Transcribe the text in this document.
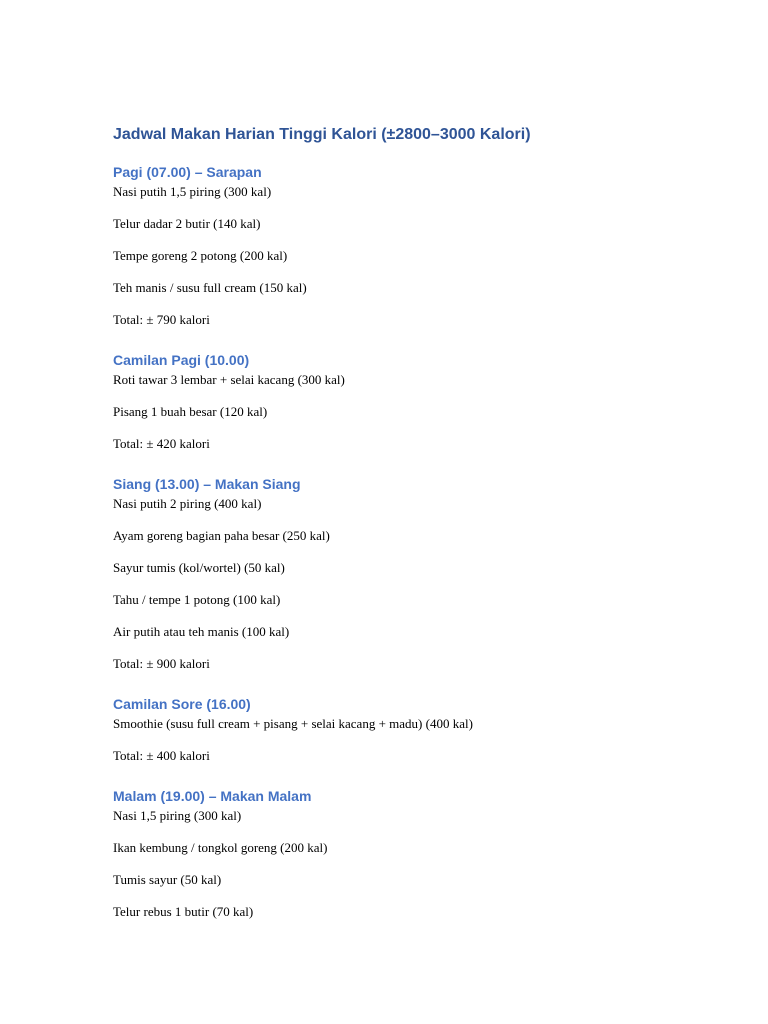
Jadwal Makan Harian Tinggi Kalori (±2800–3000 Kalori)
Pagi (07.00) – Sarapan

Nasi putih 1,5 piring (300 kal)

Telur dadar 2 butir (140 kal)

Tempe goreng 2 potong (200 kal)

Teh manis / susu full cream (150 kal)

Total: ± 790 kalori

Camilan Pagi (10.00)

Roti tawar 3 lembar + selai kacang (300 kal)

Pisang 1 buah besar (120 kal)

Total: ± 420 kalori

Siang (13.00) – Makan Siang

Nasi putih 2 piring (400 kal)

Ayam goreng bagian paha besar (250 kal)

Sayur tumis (kol/wortel) (50 kal)

Tahu / tempe 1 potong (100 kal)

Air putih atau teh manis (100 kal)

Total: ± 900 kalori

Camilan Sore (16.00)

Smoothie (susu full cream + pisang + selai kacang + madu) (400 kal)

Total: ± 400 kalori

Malam (19.00) – Makan Malam

Nasi 1,5 piring (300 kal)

Ikan kembung / tongkol goreng (200 kal)

Tumis sayur (50 kal)

Telur rebus 1 butir (70 kal)
